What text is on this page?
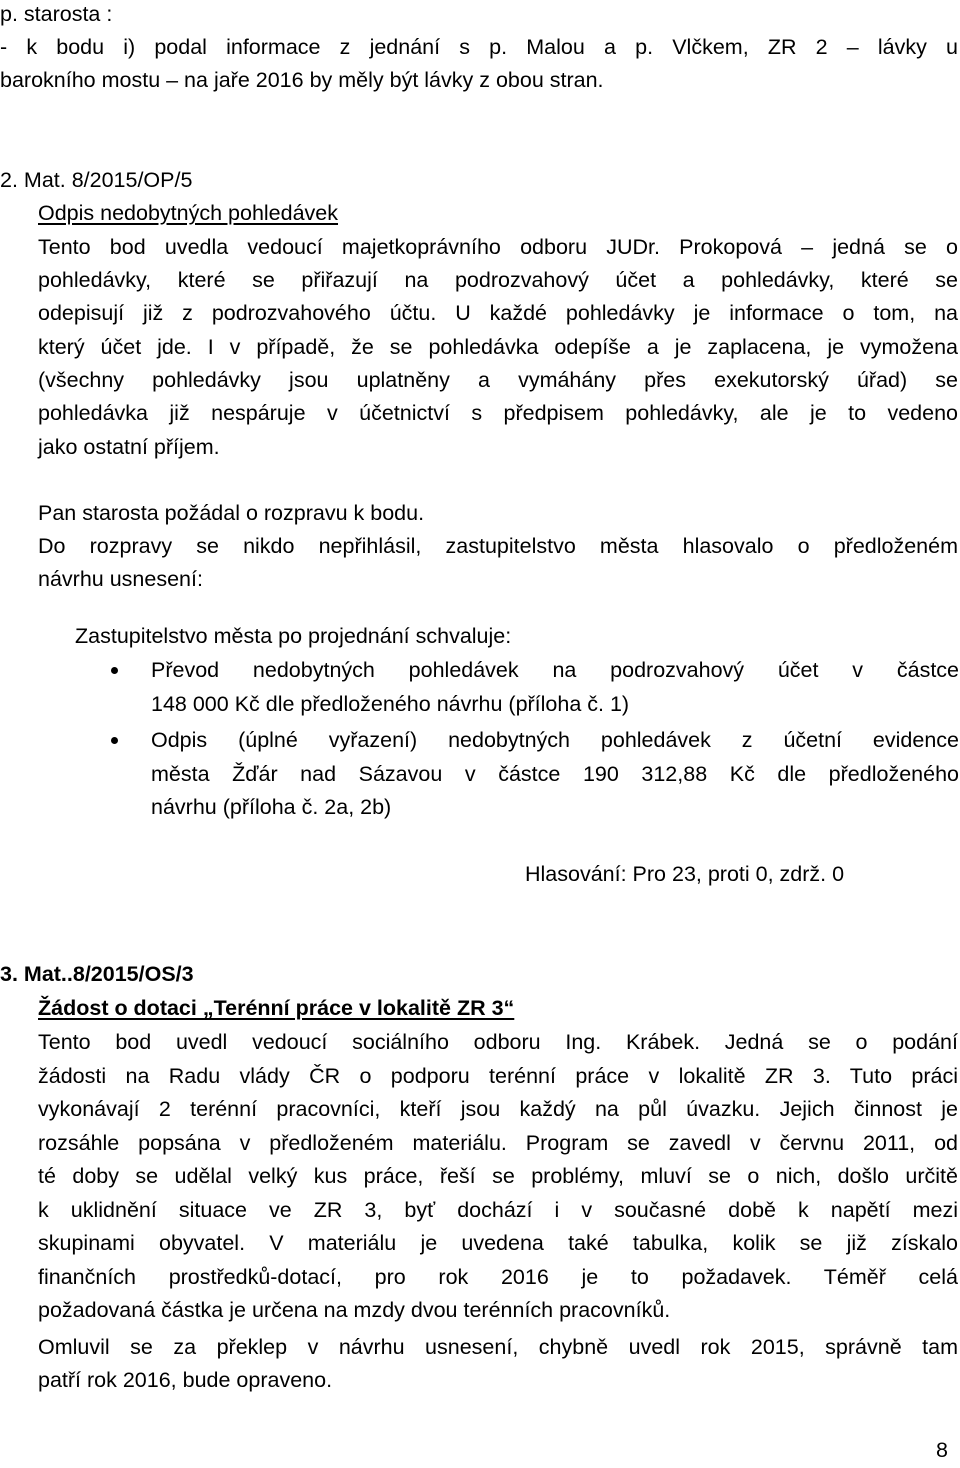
p. starosta :
- k bodu i) podal informace z jednání s p. Malou a p. Vlčkem, ZR 2 – lávky u
barokního mostu – na jaře 2016 by měly být lávky z obou stran.
2. Mat. 8/2015/OP/5
Odpis nedobytných pohledávek
Tento bod uvedla vedoucí majetkoprávního odboru JUDr. Prokopová – jedná se o
pohledávky, které se přiřazují na podrozvahový účet a pohledávky, které se
odepisují již z podrozvahového účtu. U každé pohledávky je informace o tom, na
který účet jde. I v případě, že se pohledávka odepíše a je zaplacena, je vymožena
(všechny pohledávky jsou uplatněny a vymáhány přes exekutorský úřad) se
pohledávka již nespáruje v účetnictví s předpisem pohledávky, ale je to vedeno
jako ostatní příjem.
Pan starosta požádal o rozpravu k bodu.
Do rozpravy se nikdo nepřihlásil, zastupitelstvo města hlasovalo o předloženém
návrhu usnesení:
Zastupitelstvo města po projednání schvaluje:
Převod nedobytných pohledávek na podrozvahový účet v částce
148 000 Kč dle předloženého návrhu (příloha č. 1)
Odpis (úplné vyřazení) nedobytných pohledávek z účetní evidence
města Žďár nad Sázavou v částce 190 312,88 Kč dle předloženého
návrhu (příloha č. 2a, 2b)
Hlasování: Pro 23, proti 0, zdrž. 0
3. Mat..8/2015/OS/3
Žádost o dotaci „Terénní práce v lokalitě ZR 3“
Tento bod uvedl vedoucí sociálního odboru Ing. Krábek. Jedná se o podání
žádosti na Radu vlády ČR o podporu terénní práce v lokalitě ZR 3. Tuto práci
vykonávají 2 terénní pracovníci, kteří jsou každý na půl úvazku. Jejich činnost je
rozsáhle popsána v předloženém materiálu. Program se zavedl v červnu 2011, od
té doby se udělal velký kus práce, řeší se problémy, mluví se o nich, došlo určitě
k uklidnění situace ve ZR 3, byť dochází i v současné době k napětí mezi
skupinami obyvatel. V materiálu je uvedena také tabulka, kolik se již získalo
finančních prostředků-dotací, pro rok 2016 je to požadavek. Téměř celá
požadovaná částka je určena na mzdy dvou terénních pracovníků.
Omluvil se za překlep v návrhu usnesení, chybně uvedl rok 2015, správně tam
patří rok 2016, bude opraveno.
8
